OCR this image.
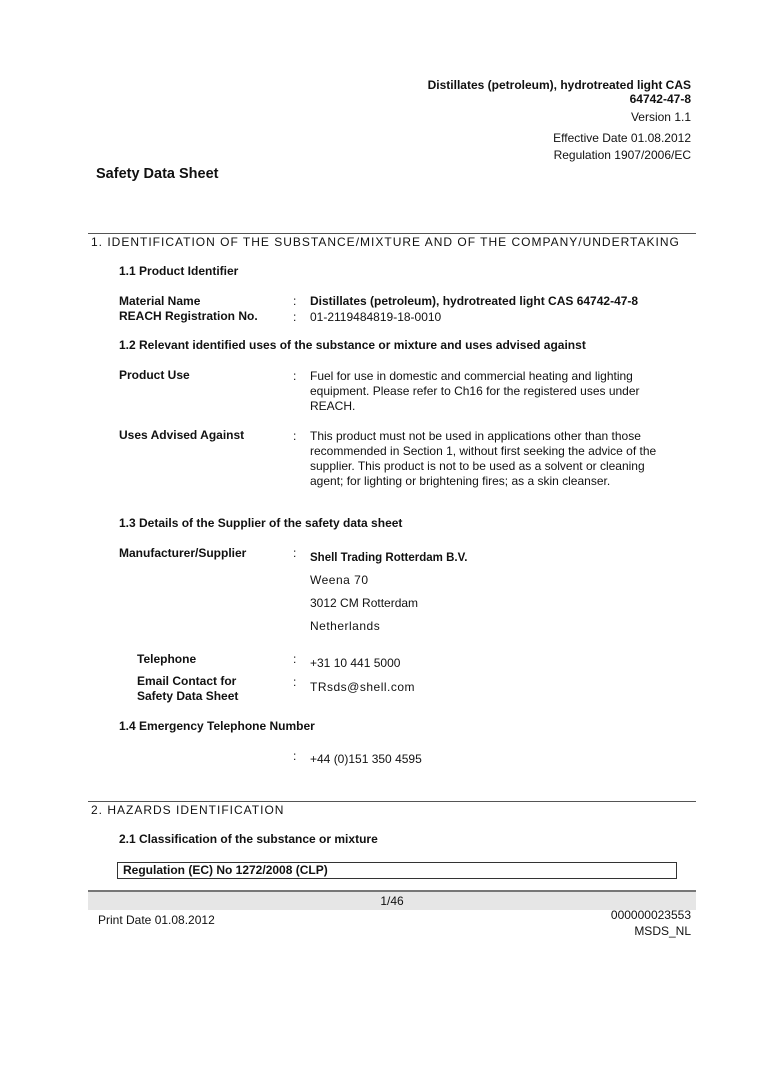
Distillates (petroleum), hydrotreated light CAS
64742-47-8
Version 1.1
Effective Date 01.08.2012
Regulation 1907/2006/EC
Safety Data Sheet
1. IDENTIFICATION OF THE SUBSTANCE/MIXTURE AND OF THE COMPANY/UNDERTAKING
1.1 Product Identifier
Material Name	: Distillates (petroleum), hydrotreated light CAS 64742-47-8
REACH Registration No.	: 01-2119484819-18-0010
1.2 Relevant identified uses of the substance or mixture and uses advised against
Product Use	: Fuel for use in domestic and commercial heating and lighting equipment. Please refer to Ch16 for the registered uses under REACH.
Uses Advised Against	: This product must not be used in applications other than those recommended in Section 1, without first seeking the advice of the supplier. This product is not to be used as a solvent or cleaning agent; for lighting or brightening fires; as a skin cleanser.
1.3 Details of the Supplier of the safety data sheet
Manufacturer/Supplier	: Shell Trading Rotterdam B.V.
Weena 70
3012 CM Rotterdam
Netherlands
Telephone	: +31 10 441 5000
Email Contact for
Safety Data Sheet
: TRsds@shell.com
1.4 Emergency Telephone Number
: +44 (0)151 350 4595
2. HAZARDS IDENTIFICATION
2.1 Classification of the substance or mixture
Regulation (EC) No 1272/2008 (CLP)
1/46
Print Date 01.08.2012	000000023553
MSDS_NL
